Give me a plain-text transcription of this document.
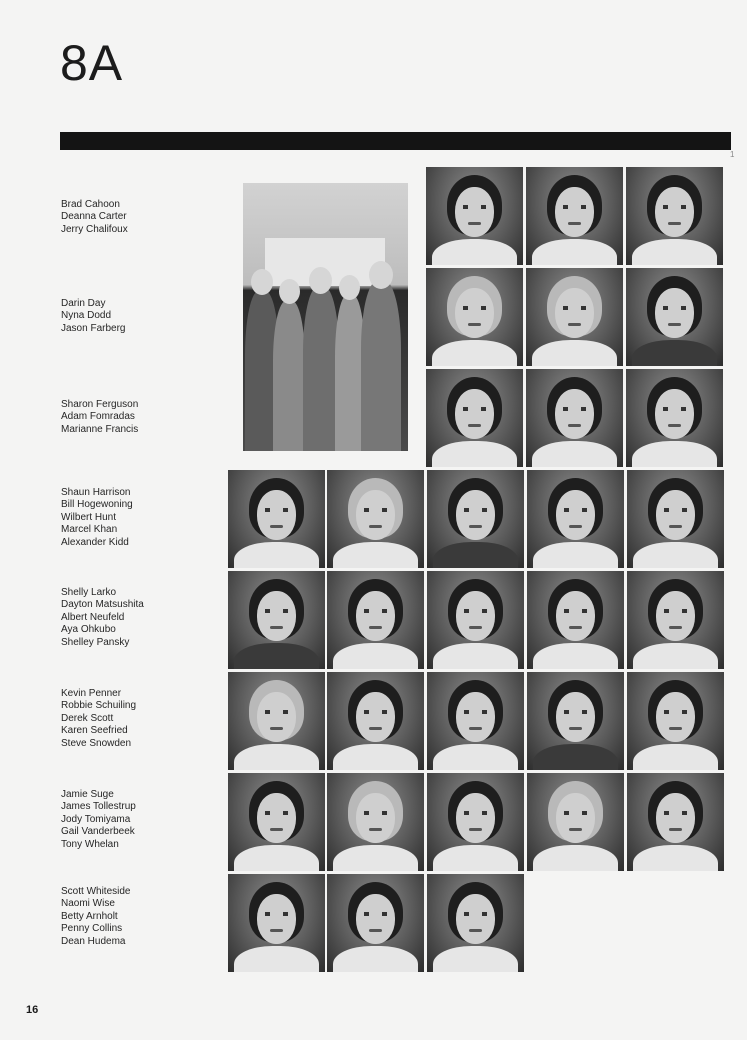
8A
1
Brad Cahoon
Deanna Carter
Jerry Chalifoux
Darin Day
Nyna Dodd
Jason Farberg
Sharon Ferguson
Adam Fomradas
Marianne Francis
Shaun Harrison
Bill Hogewoning
Wilbert Hunt
Marcel Khan
Alexander Kidd
Shelly Larko
Dayton Matsushita
Albert Neufeld
Aya Ohkubo
Shelley Pansky
Kevin Penner
Robbie Schuiling
Derek Scott
Karen Seefried
Steve Snowden
Jamie Suge
James Tollestrup
Jody Tomiyama
Gail Vanderbeek
Tony Whelan
Scott Whiteside
Naomi Wise
Betty Arnholt
Penny Collins
Dean Hudema
16
